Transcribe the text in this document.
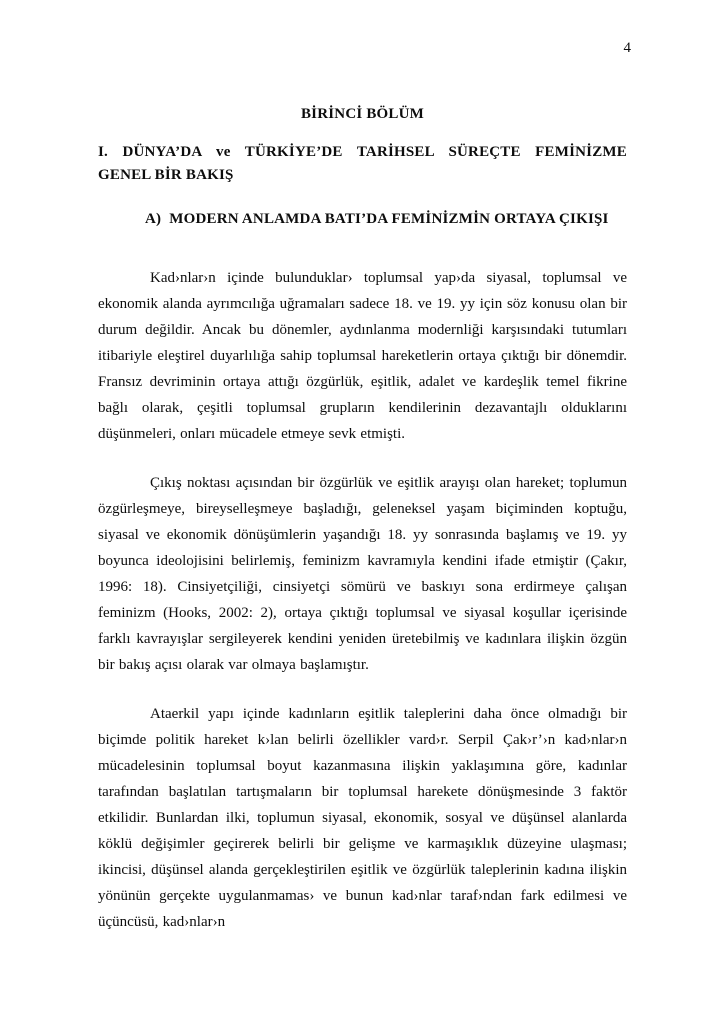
4
BİRİNCİ BÖLÜM
I. DÜNYA’DA ve TÜRKİYE’DE TARİHSEL SÜREÇTE FEMİNİZME
GENEL BİR BAKIŞ
A) MODERN ANLAMDA BATI’DA FEMİNİZMİN ORTAYA ÇIKIŞI

Kad›nlar›n içinde bulunduklar› toplumsal yap›da siyasal, toplumsal ve ekonomik alanda ayrımcılığa uğramaları sadece 18. ve 19. yy için söz konusu olan bir durum değildir. Ancak bu dönemler, aydınlanma modernliği karşısındaki tutumları itibariyle eleştirel duyarlılığa sahip toplumsal hareketlerin ortaya çıktığı bir dönemdir. Fransız devriminin ortaya attığı özgürlük, eşitlik, adalet ve kardeşlik temel fikrine bağlı olarak, çeşitli toplumsal grupların kendilerinin dezavantajlı olduklarını düşünmeleri, onları mücadele etmeye sevk etmişti.

Çıkış noktası açısından bir özgürlük ve eşitlik arayışı olan hareket; toplumun özgürleşmeye, bireyselleşmeye başladığı, geleneksel yaşam biçiminden koptuğu, siyasal ve ekonomik dönüşümlerin yaşandığı 18. yy sonrasında başlamış ve 19. yy boyunca ideolojisini belirlemiş, feminizm kavramıyla kendini ifade etmiştir (Çakır, 1996: 18). Cinsiyetçiliği, cinsiyetçi sömürü ve baskıyı sona erdirmeye çalışan feminizm (Hooks, 2002: 2), ortaya çıktığı toplumsal ve siyasal koşullar içerisinde farklı kavrayışlar sergileyerek kendini yeniden üretebilmiş ve kadınlara ilişkin özgün bir bakış açısı olarak var olmaya başlamıştır.

Ataerkil yapı içinde kadınların eşitlik taleplerini daha önce olmadığı bir biçimde politik hareket k›lan belirli özellikler vard›r. Serpil Çak›r’›n kad›nlar›n mücadelesinin toplumsal boyut kazanmasına ilişkin yaklaşımına göre, kadınlar tarafından başlatılan tartışmaların bir toplumsal harekete dönüşmesinde 3 faktör etkilidir. Bunlardan ilki, toplumun siyasal, ekonomik, sosyal ve düşünsel alanlarda köklü değişimler geçirerek belirli bir gelişme ve karmaşıklık düzeyine ulaşması; ikincisi, düşünsel alanda gerçekleştirilen eşitlik ve özgürlük taleplerinin kadına ilişkin yönünün gerçekte uygulanmamas› ve bunun kad›nlar taraf›ndan fark edilmesi ve üçüncüsü, kad›nlar›n
